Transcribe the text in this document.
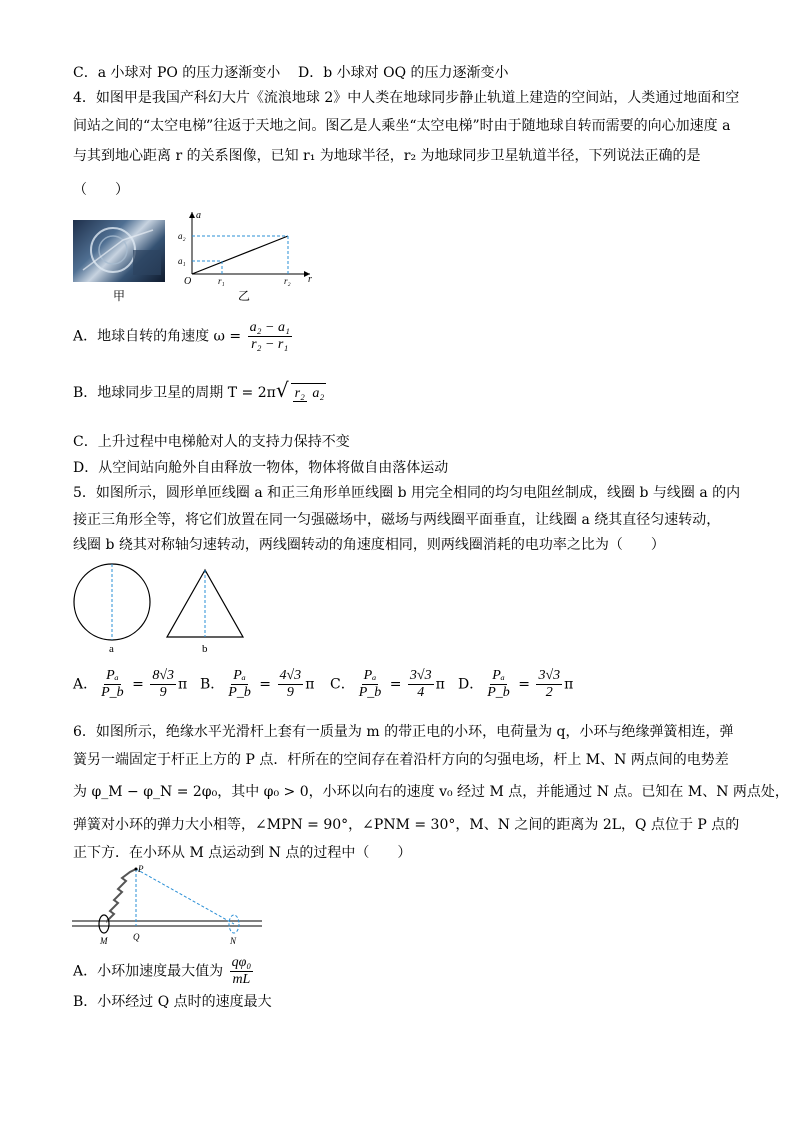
C．a 小球对 PO 的压力逐渐变小 D．b 小球对 OQ 的压力逐渐变小
4．如图甲是我国产科幻大片《流浪地球 2》中人类在地球同步静止轨道上建造的空间站，人类通过地面和空
间站之间的“太空电梯”往返于天地之间。图乙是人乘坐“太空电梯”时由于随地球自转而需要的向心加速度 a
与其到地心距离 r 的关系图像，已知 r₁ 为地球半径，r₂ 为地球同步卫星轨道半径，下列说法正确的是
（　　）
甲
a
a₂
a₁
O	r₁	r₂ r
乙
A．地球自转的角速度 $\omega = \frac{\text{a₂ − a₁}}{\text{r₂ − r₁}}$
B．地球同步卫星的周期 T = 2π√ r₂ a₂
C．上升过程中电梯舱对人的支持力保持不变
D．从空间站向舱外自由释放一物体，物体将做自由落体运动
5．如图所示，圆形单匝线圈 a 和正三角形单匝线圈 b 用完全相同的均匀电阻丝制成，线圈 b 与线圈 a 的内
接正三角形全等，将它们放置在同一匀强磁场中，磁场与两线圈平面垂直，让线圈 a 绕其直径匀速转动，
线圈 b 绕其对称轴匀速转动，两线圈转动的角速度相同，则两线圈消耗的电功率之比为（　　）
a	b
A． $\frac{\text{Pₐ}}{P\_b} = \frac{8√3}{9}$ π B． $\frac{\text{Pₐ}}{P\_b} = \frac{4√3}{9}$ π C． $\frac{\text{Pₐ}}{P\_b} = \frac{3√3}{4}$ π D． $\frac{\text{Pₐ}}{P\_b} = \frac{3√3}{2}$ π
6．如图所示，绝缘水平光滑杆上套有一质量为 m 的带正电的小环，电荷量为 q，小环与绝缘弹簧相连，弹
簧另一端固定于杆正上方的 P 点．杆所在的空间存在着沿杆方向的匀强电场，杆上 M、N 两点间的电势差
为 φ_M − φ_N = 2φ₀，其中 φ₀ > 0，小环以向右的速度 v₀ 经过 M 点，并能通过 N 点。已知在 M、N 两点处，
弹簧对小环的弹力大小相等，∠MPN = 90°，∠PNM = 30°，M、N 之间的距离为 2L，Q 点位于 P 点的
正下方．在小环从 M 点运动到 N 点的过程中（　　）
P
M	Q	N
A．小环加速度最大值为 $\frac{\text{qφ₀}}{mL}$
B．小环经过 Q 点时的速度最大
